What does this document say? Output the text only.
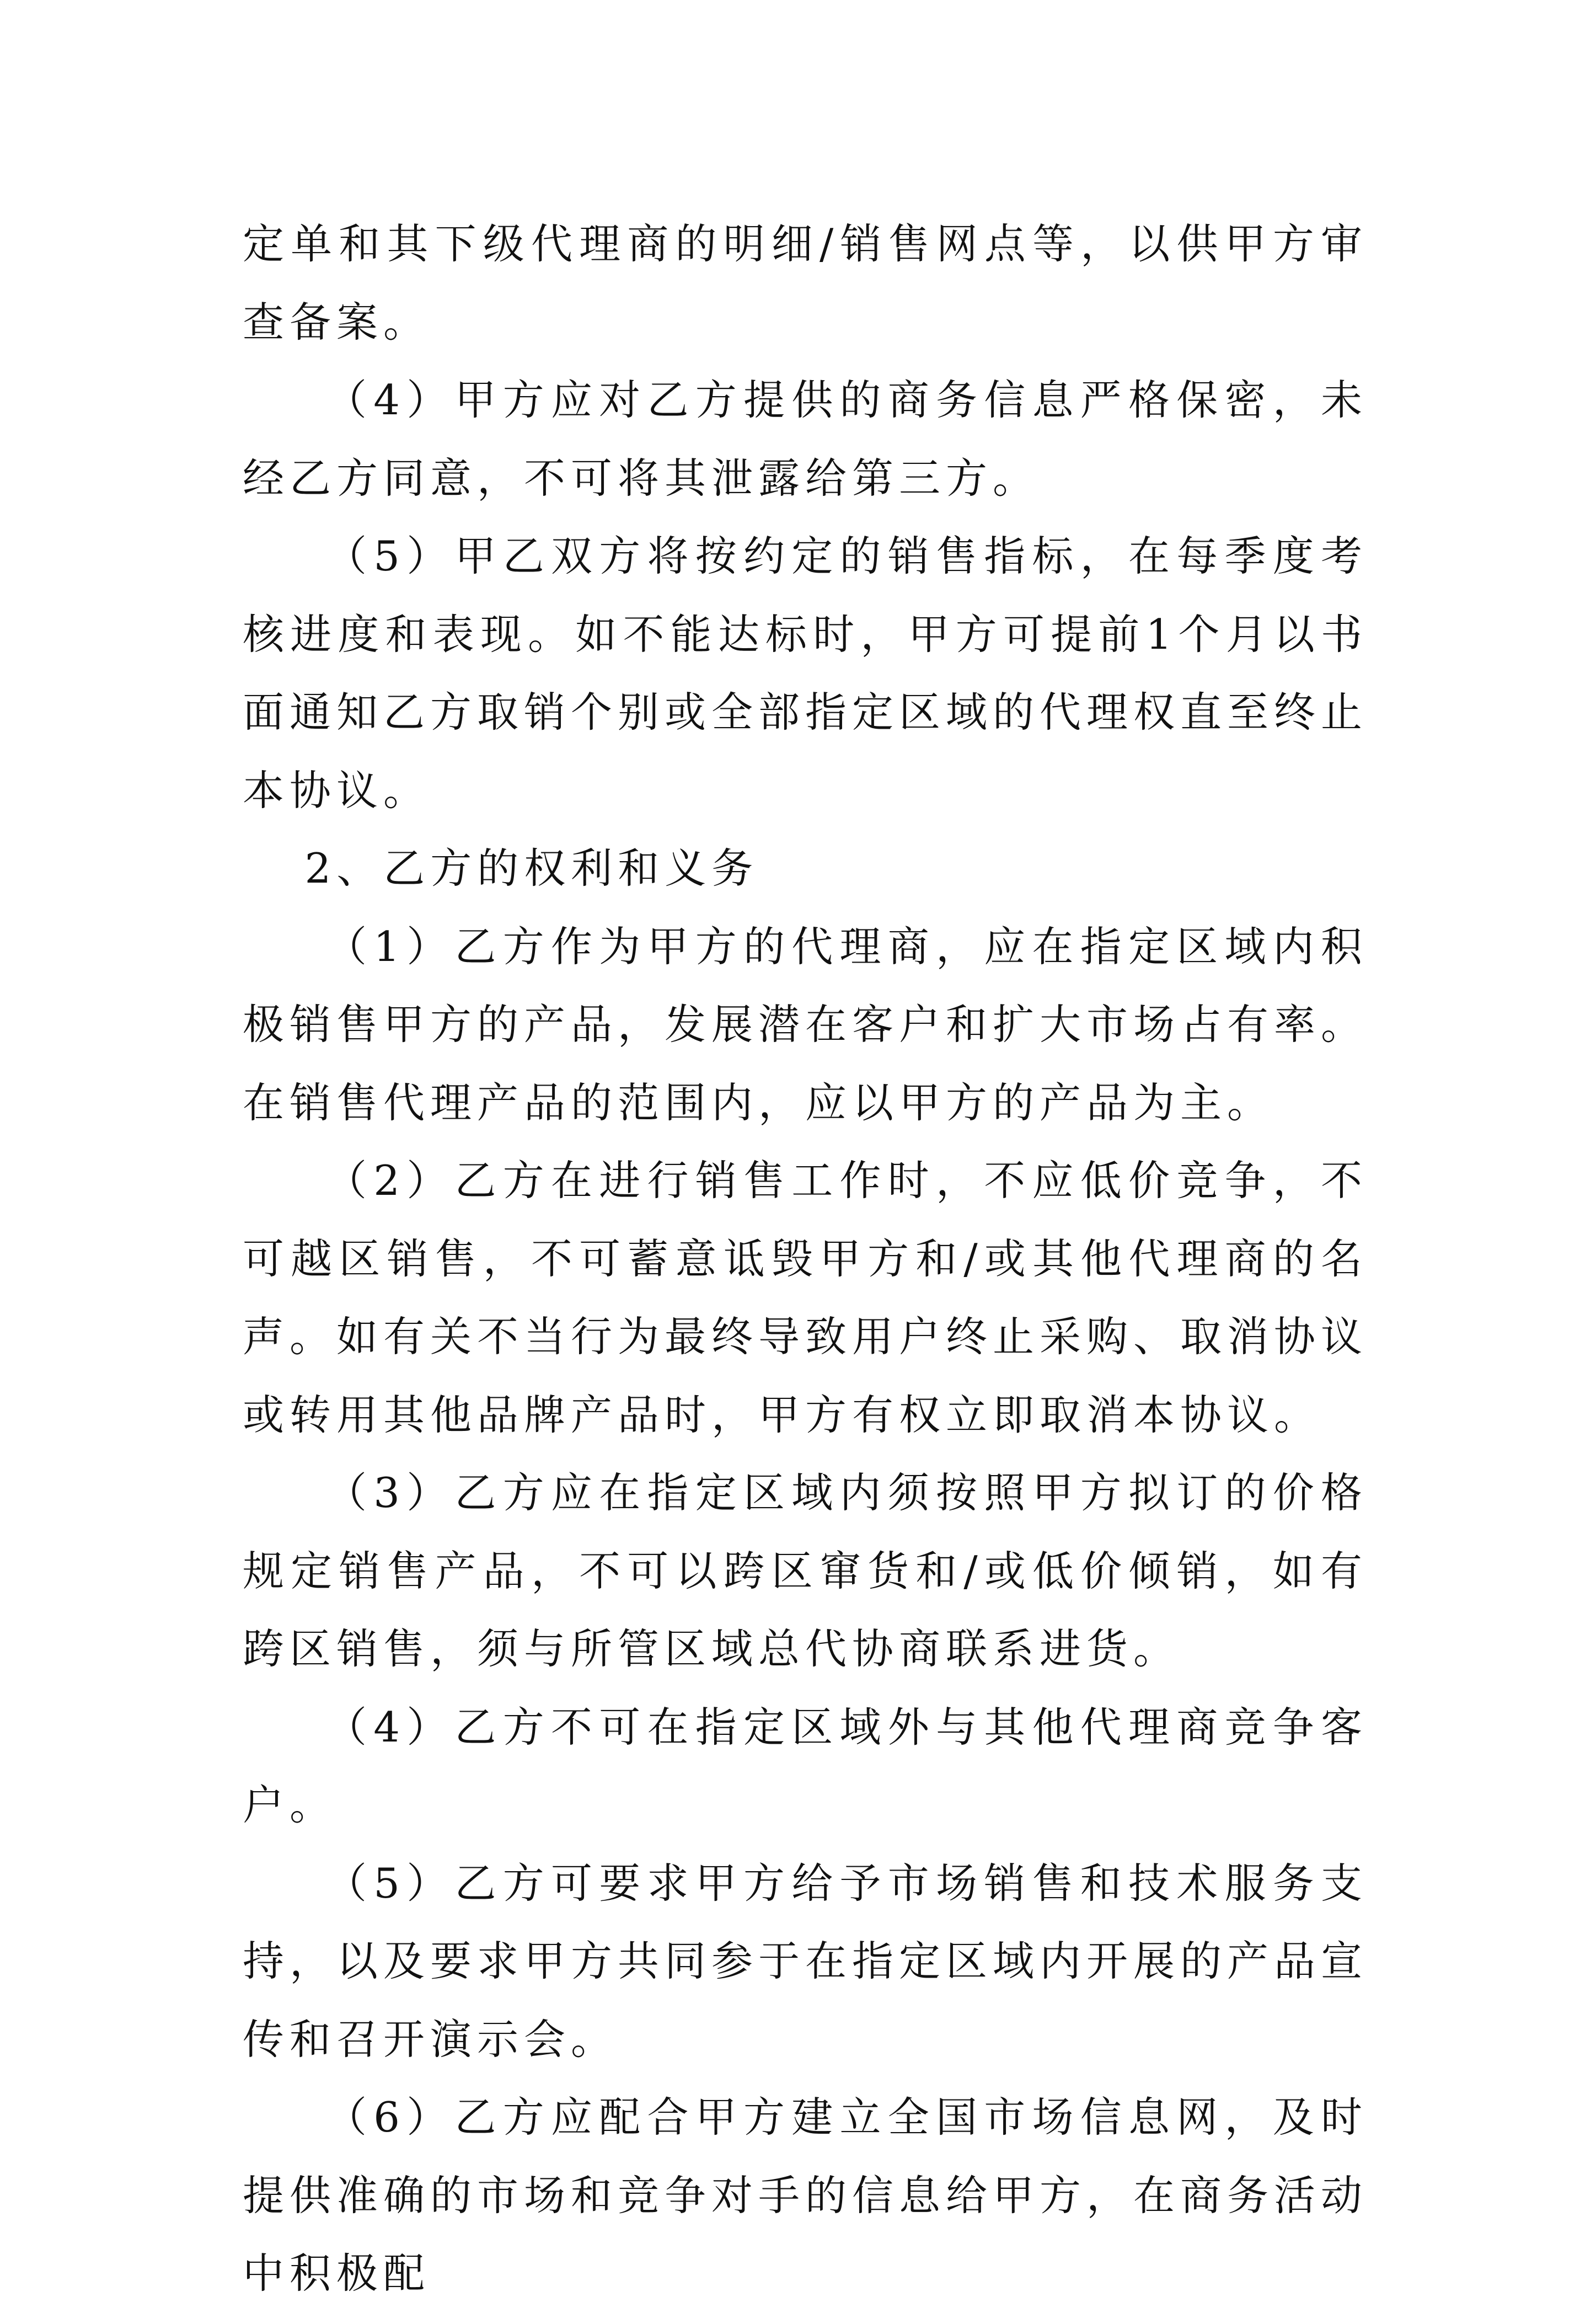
定单和其下级代理商的明细/销售网点等，以供甲方审查备案。

（4）甲方应对乙方提供的商务信息严格保密，未经乙方同意，不可将其泄露给第三方。

（5）甲乙双方将按约定的销售指标，在每季度考核进度和表现。如不能达标时，甲方可提前1个月以书面通知乙方取销个别或全部指定区域的代理权直至终止本协议。

2、乙方的权利和义务

（1）乙方作为甲方的代理商，应在指定区域内积极销售甲方的产品，发展潜在客户和扩大市场占有率。在销售代理产品的范围内，应以甲方的产品为主。

（2）乙方在进行销售工作时，不应低价竞争，不可越区销售，不可蓄意诋毁甲方和/或其他代理商的名声。如有关不当行为最终导致用户终止采购、取消协议或转用其他品牌产品时，甲方有权立即取消本协议。

（3）乙方应在指定区域内须按照甲方拟订的价格规定销售产品，不可以跨区窜货和/或低价倾销，如有跨区销售，须与所管区域总代协商联系进货。

（4）乙方不可在指定区域外与其他代理商竞争客户。

（5）乙方可要求甲方给予市场销售和技术服务支持，以及要求甲方共同参于在指定区域内开展的产品宣传和召开演示会。

（6）乙方应配合甲方建立全国市场信息网，及时提供准确的市场和竞争对手的信息给甲方，在商务活动中积极配
